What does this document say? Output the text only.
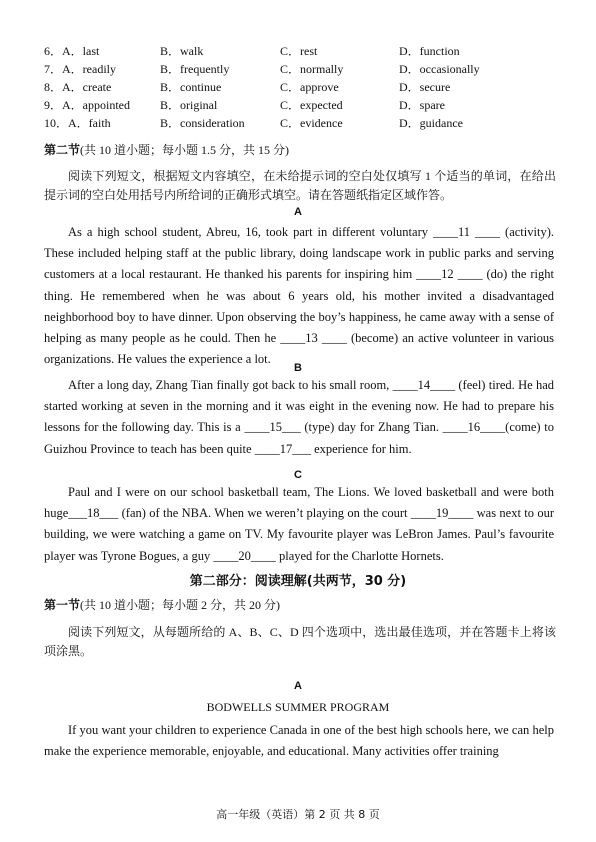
6．A．last	B．walk	C．rest	D．function
7．A．readily	B．frequently	C．normally	D．occasionally
8．A．create	B．continue	C．approve	D．secure
9．A．appointed B．original	C．expected	D．spare
10．A．faith	B．consideration	C．evidence	D．guidance
第二节(共 10 道小题；每小题 1.5 分，共 15 分)
阅读下列短文，根据短文内容填空，在未给提示词的空白处仅填写 1 个适当的单词，在给出提示词的空白处用括号内所给词的正确形式填空。请在答题纸指定区域作答。
A
As a high school student, Abreu, 16, took part in different voluntary ____11 ____ (activity). These included helping staff at the public library, doing landscape work in public parks and serving customers at a local restaurant. He thanked his parents for inspiring him ____12 ____ (do) the right thing. He remembered when he was about 6 years old, his mother invited a disadvantaged neighborhood boy to have dinner. Upon observing the boy’s happiness, he came away with a sense of helping as many people as he could. Then he ____13 ____ (become) an active volunteer in various organizations. He values the experience a lot.
B
After a long day, Zhang Tian finally got back to his small room, ____14____ (feel) tired. He had started working at seven in the morning and it was eight in the evening now. He had to prepare his lessons for the following day. This is a ____15___ (type) day for Zhang Tian. ____16____(come) to Guizhou Province to teach has been quite ____17___ experience for him.
C
Paul and I were on our school basketball team, The Lions. We loved basketball and were both huge___18___ (fan) of the NBA. When we weren’t playing on the court ____19____ was next to our building, we were watching a game on TV. My favourite player was LeBron James. Paul’s favourite player was Tyrone Bogues, a guy ____20____ played for the Charlotte Hornets.
第二部分：阅读理解(共两节，30 分)
第一节(共 10 道小题；每小题 2 分，共 20 分)
阅读下列短文，从每题所给的 A、B、C、D 四个选项中，选出最佳选项，并在答题卡上将该项涂黑。
A
BODWELLS SUMMER PROGRAM
If you want your children to experience Canada in one of the best high schools here, we can help make the experience memorable, enjoyable, and educational. Many activities offer training
高一年级（英语）第 2 页 共 8 页
